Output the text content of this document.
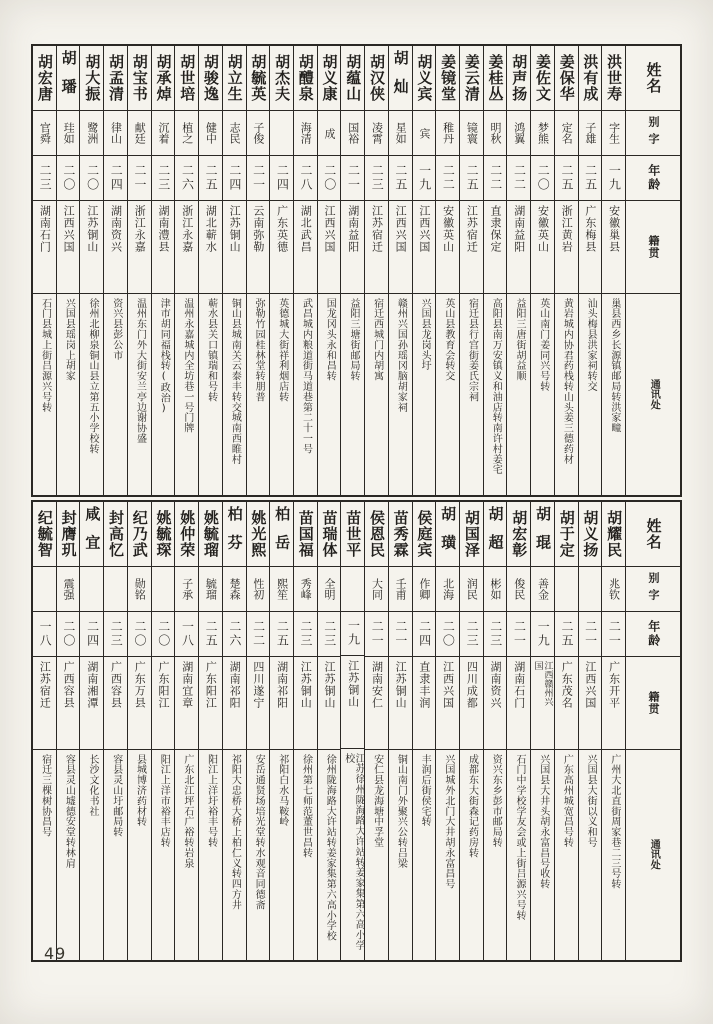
姓名
别字
年龄
籍贯
通讯处
洪世寿
字生
一九
安徽巢县
巢县西乡长源镇邮局转洪家疃
洪有成
子雄
二五
广东梅县
汕头梅县洪家祠转交
姜保华
定名
二五
浙江黄岩
黄岩城内协君药栈转山头姜三德药材
姜佐文
梦熊
二〇
安徽英山
英山南门姜同兴号转
胡声扬
鸿翼
二二
湖南益阳
益阳三唐街胡益顺
姜桂丛
明秋
二二
直隶保定
高阳县南万安镇义和油店转南许村姜宅
姜云清
镜寰
二五
江苏宿迁
宿迁县行宫街姜氏宗祠
姜镜堂
稚丹
二二
安徽英山
英山县教育会转交
胡义宾
宾
一九
江西兴国
兴国县龙岗头圩
胡灿
星如
二五
江西兴国
赣州兴国孙瑶冈脑胡家祠
胡汉侠
凌霄
二三
江苏宿迁
宿迁西城门内胡寓
胡蕴山
国裕
二一
湖南益阳
益阳三塘街邮局转
胡义康
成
二〇
江西兴国
国龙冈头永和昌转
胡醴泉
海清
二八
湖北武昌
武昌城内粮道街马道巷第二十一号
胡杰夫
二四
广东英德
英德城大街祥利烟店转
胡毓英
子俊
二一
云南弥勒
弥勒竹园桂林堂转朋普
胡立生
志民
二四
江苏铜山
铜山县城南关云泰丰转交城南西睢村
胡骏逸
健中
二五
湖北蕲水
蕲水县关口镇瑞和号转
胡世培
植之
二六
浙江永嘉
温州永嘉城内全坊巷一号门牌
胡承焯
沉着
二三
湖南澧县
津市胡同福栈转(政治)
胡宝书
献廷
二一
浙江永嘉
温州东门外大街安兰亭边谢协盛
胡孟清
律山
二四
湖南资兴
资兴县彭公市
胡大振
鹭洲
二〇
江苏铜山
徐州北柳泉铜山县立第五小学校转
胡璠
珪如
二〇
江西兴国
兴国县瑶岗上胡家
胡宏唐
官舜
二三
湖南石门
石门县城上街吕源兴号转
姓名
别字
年龄
籍贯
通讯处
胡耀民
兆钦
二一
广东开平
广州大北直街周家巷二三号转
胡义扬
二一
江西兴国
兴国县大街以义和号
胡于定
二五
广东茂名
广东高州城宽昌号转
胡琨
善金
一九
江西赣州兴国
兴国县大井头胡永富昌号收转
胡宏彰
俊民
二一
湖南石门
石门中学校学友会或上街吕源兴号转
胡超
彬如
二三
湖南资兴
资兴东乡彭市邮局转
胡国泽
润民
二三
四川成都
成都东大街森记药房转
胡璜
北海
二〇
江西兴国
兴国城外北门大井胡永富昌号
侯庭宾
作卿
二四
直隶丰润
丰润后街侯宅转
苗秀霖
壬甫
二一
江苏铜山
铜山南门外聚兴公转吕梁
侯恩民
大同
二一
湖南安仁
安仁县龙海塘中孚堂
苗世平
一九
江苏铜山
江苏徐州陇海路大许站转姜家集第六高小学校
苗瑞体
全明
二三
江苏铜山
徐州陇海路大许站转姜家集第六高小学校
苗国福
秀峰
二三
江苏铜山
徐州第七师范董世昌转
柏岳
熙笙
二五
湖南祁阳
祁阳白水马鞍岭
姚光熙
性初
二二
四川遂宁
安岳通贤场培光堂转水观音同德斋
柏芬
楚森
二六
湖南祁阳
祁阳大忠桥大桥上柏仁义转四方井
姚毓瑠
毓瑠
二五
广东阳江
阳江上洋圩裕丰号转
姚仲荣
子承
一八
湖南宜章
广东北江坪石广裕转岩泉
姚毓琛
二〇
广东阳江
阳江上洋市裕丰店转
纪乃武
勋铭
二〇
广东万县
县城博济药材转
封高忆
二三
广西容县
容县灵山圩邮局转
咸宜
二四
湖南湘潭
长沙文化书社
封膺玑
震强
二〇
广西容县
容县灵山墟德安堂转林肩
纪毓智
一八
江苏宿迁
宿迁三棵树协昌号
49
